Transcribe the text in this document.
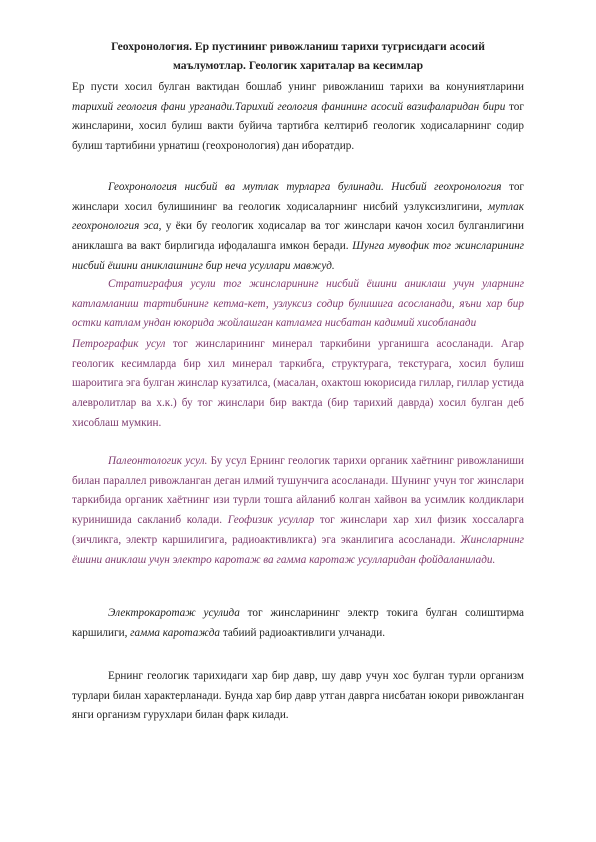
Геохронология. Ер пустининг ривожланиш тарихи тугрисидаги асосий
маълумотлар. Геологик хариталар ва кесимлар

Ер пусти хосил булган вактидан бошлаб унинг ривожланиш тарихи ва конуниятларини тарихий геология фани урганади.Тарихий геология фанининг асосий вазифаларидан бири тог жинсларини, хосил булиш вакти буйича тартибга келтириб геологик ходисаларнинг содир булиш тартибини урнатиш (геохронология) дан иборатдир.

Геохронология нисбий ва мутлак турларга булинади. Нисбий геохронология тог жинслари хосил булишининг ва геологик ходисаларнинг нисбий узлуксизлигини, мутлак геохронология эса, у ёки бу геологик ходисалар ва тог жинслари качон хосил булганлигини аниклашга ва вакт бирлигида ифодалашга имкон беради. Шунга мувофик тог жинсларининг нисбий ёшини аниклашнинг бир неча усуллари мавжуд.

Стратиграфия усули тог жинсларининг нисбий ёшини аниклаш учун уларнинг катламланиш тартибининг кетма-кет, узлуксиз содир булишига асосланади, яъни хар бир остки катлам ундан юкорида жойлашган катламга нисбатан кадимий хисобланади

Петрографик усул тог жинсларининг минерал таркибини урганишга асосланади. Агар геологик кесимларда бир хил минерал таркибга, структурага, текстурага, хосил булиш шароитига эга булган жинслар кузатилса, (масалан, охактош юкорисида гиллар, гиллар устида алевролитлар ва х.к.) бу тог жинслари бир вактда (бир тарихий даврда) хосил булган деб хисоблаш мумкин.

Палеонтологик усул. Бу усул Ернинг геологик тарихи органик хаётнинг ривожланиши билан параллел ривожланган деган илмий тушунчига асосланади. Шунинг учун тог жинслари таркибида органик хаётнинг изи турли тошга айланиб колган хайвон ва усимлик колдиклари куринишида сакланиб колади. Геофизик усуллар тог жинслари хар хил физик хоссаларга (зичликга, электр каршилигига, радиоактивликга) эга эканлигига асосланади. Жинсларнинг ёшини аниклаш учун электро каротаж ва гамма каротаж усулларидан фойдаланилади.

Электрокаротаж усулида тог жинсларининг электр токига булган солиштирма каршилиги, гамма каротажда табиий радиоактивлиги улчанади.

Ернинг геологик тарихидаги хар бир давр, шу давр учун хос булган турли организм турлари билан характерланади. Бунда хар бир давр утган даврга нисбатан юкори ривожланган янги организм гурухлари билан фарк килади.
